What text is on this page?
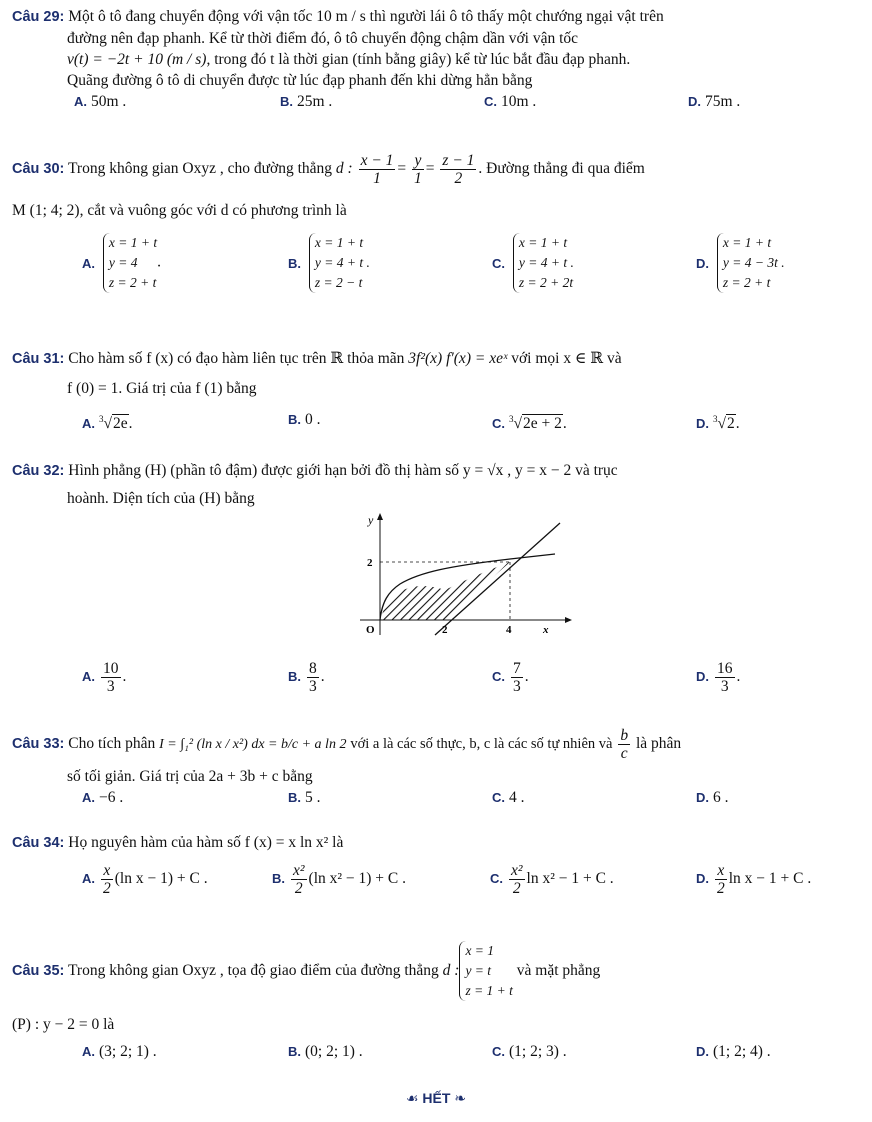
Câu 29: Một ô tô đang chuyển động với vận tốc 10 m / s thì người lái ô tô thấy một chướng ngại vật trên
đường nên đạp phanh. Kể từ thời điểm đó, ô tô chuyển động chậm dần với vận tốc
v(t) = −2t + 10 (m / s), trong đó t là thời gian (tính bằng giây) kể từ lúc bắt đầu đạp phanh.
Quãng đường ô tô di chuyển được từ lúc đạp phanh đến khi dừng hẳn bằng
A. 50m .	B. 25m .	C. 10m .	D. 75m .
Câu 30: Trong không gian Oxyz , cho đường thẳng d : $\frac{x - 1}{1} = \frac{y}{1} = \frac{z - 1}{2}$ . Đường thẳng đi qua điểm
M (1; 4; 2), cắt và vuông góc với d có phương trình là
A.
x = 1 + t
y = 4
z = 2 + t
.	B.
x = 1 + t
y = 4 + t .
z = 2 − t
C.
x = 1 + t
y = 4 + t .
z = 2 + 2t
D.
x = 1 + t
y = 4 − 3t .
z = 2 + t
Câu 31: Cho hàm số f (x) có đạo hàm liên tục trên ℝ thỏa mãn 3f²(x) f′(x) = xeˣ với mọi x ∈ ℝ và
f (0) = 1. Giá trị của f (1) bằng
A. $^3$√2e.	B. 0 .	C. $^3$√2e + 2.	D. $^3$√2.
Câu 32: Hình phẳng (H) (phần tô đậm) được giới hạn bởi đồ thị hàm số y = √x , y = x − 2 và trục
hoành. Diện tích của (H) bằng
y
2
O	2	4	x
A. $\frac{10}{3}$ .	B. $\frac{8}{3}$ .	C. $\frac{7}{3}$ .	D. $\frac{16}{3}$ .
Câu 33: Cho tích phân I = ∫₁² (ln x / x²) dx = b/c + a ln 2 với a là các số thực, b, c là các số tự nhiên và $\frac{b}{c}$ là phân
số tối giản. Giá trị của 2a + 3b + c bằng
A. −6 .	B. 5 .	C. 4 .	D. 6 .
Câu 34: Họ nguyên hàm của hàm số f (x) = x ln x² là
A. $\frac{x}{2} (\ln$ x − 1) + C .	B. $\frac{\text{x²}}{2} (\ln$ x² − 1) + C .	C. $\frac{\text{x²}}{2}$ ln x² − 1 + C .	D. $\frac{x}{2}$ ln x − 1 + C .
Câu 35: Trong không gian Oxyz , tọa độ giao điểm của đường thẳng d :
x = 1
y = t
z = 1 + t
và mặt phẳng
(P) : y − 2 = 0 là
A. (3; 2; 1) .	B. (0; 2; 1) .	C. (1; 2; 3) .	D. (1; 2; 4) .
☙ HẾT ❧
